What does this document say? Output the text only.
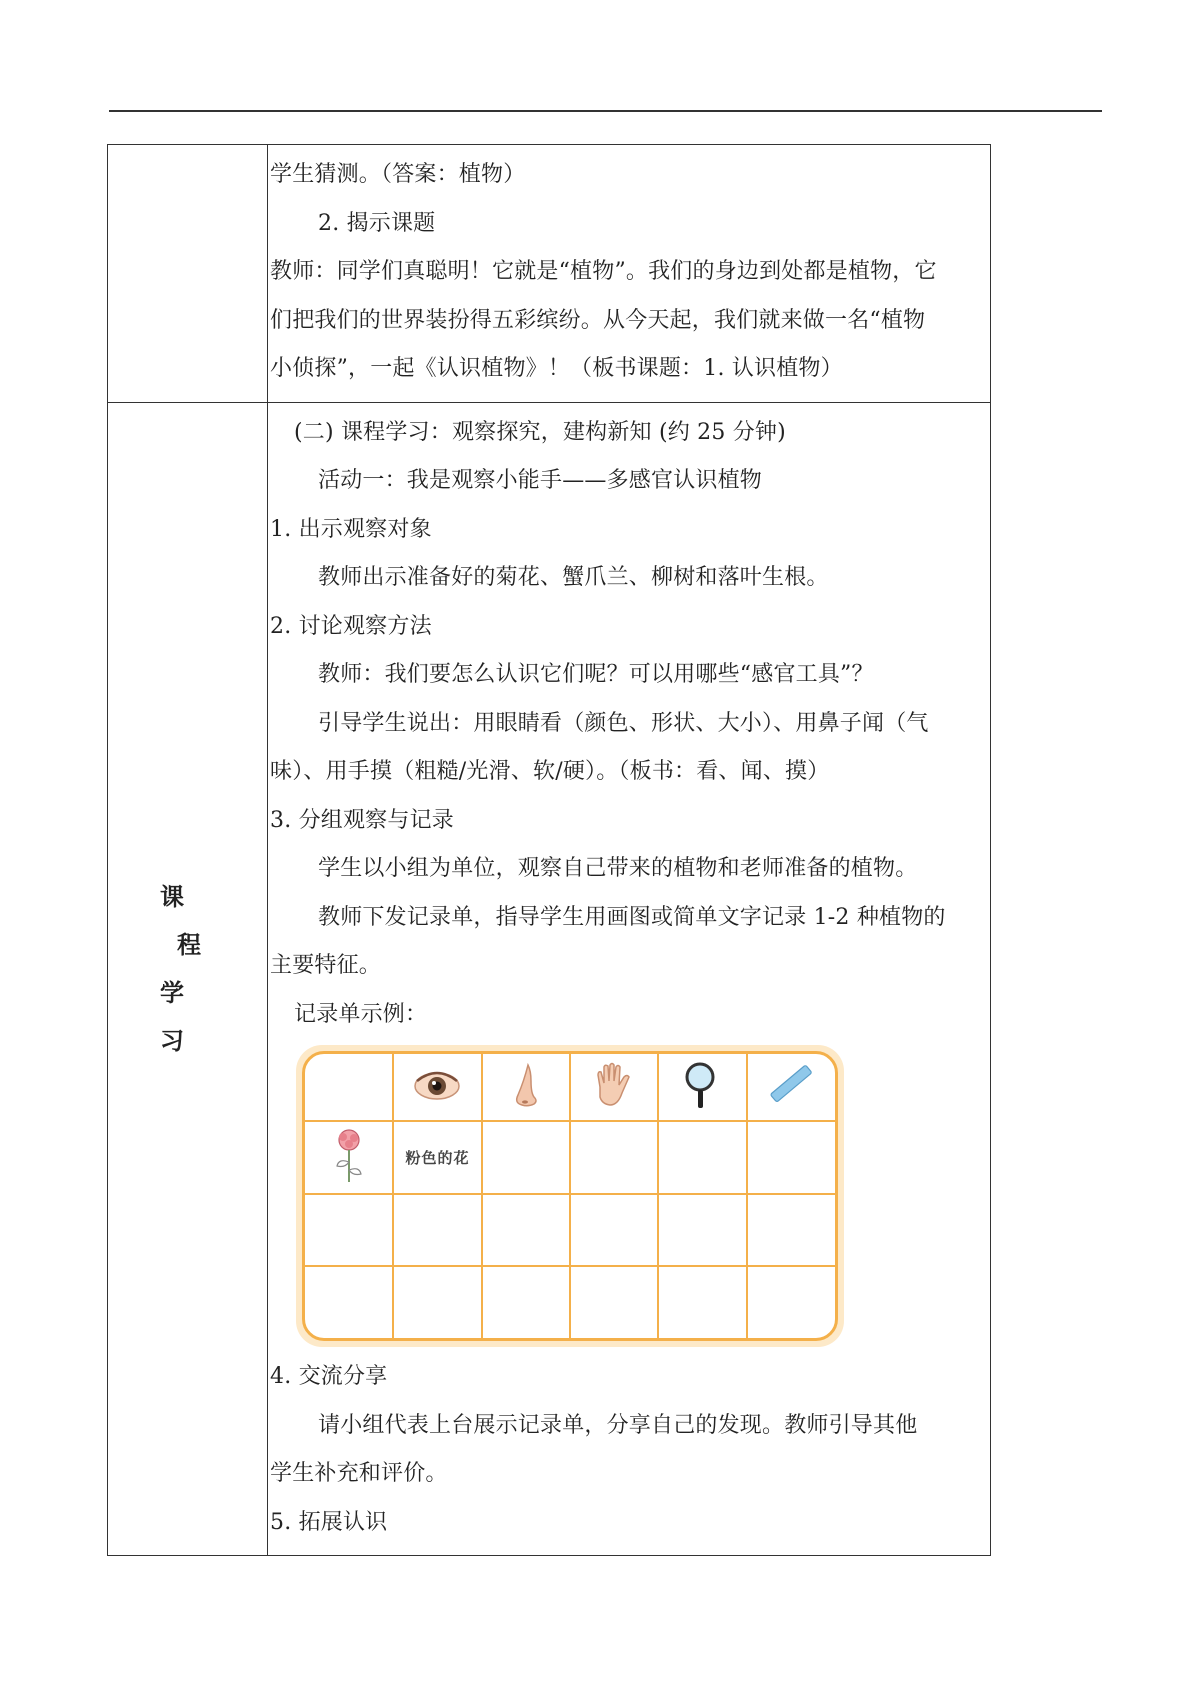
学生猜测。（答案：植物）
2. 揭示课题
教师：同学们真聪明！它就是“植物”。我们的身边到处都是植物，它
们把我们的世界装扮得五彩缤纷。从今天起，我们就来做一名“植物
小侦探”，一起《认识植物》！（板书课题：1. 认识植物）

课
程
学
习

(二) 课程学习：观察探究，建构新知 (约 25 分钟)
活动一：我是观察小能手——多感官认识植物
1. 出示观察对象
教师出示准备好的菊花、蟹爪兰、柳树和落叶生根。
2. 讨论观察方法
教师：我们要怎么认识它们呢？可以用哪些“感官工具”？
引导学生说出：用眼睛看（颜色、形状、大小）、用鼻子闻（气
味）、用手摸（粗糙/光滑、软/硬）。（板书：看、闻、摸）
3. 分组观察与记录
学生以小组为单位，观察自己带来的植物和老师准备的植物。
教师下发记录单，指导学生用画图或简单文字记录 1-2 种植物的
主要特征。
记录单示例：

	粉色的花				

4. 交流分享
请小组代表上台展示记录单，分享自己的发现。教师引导其他
学生补充和评价。
5. 拓展认识
